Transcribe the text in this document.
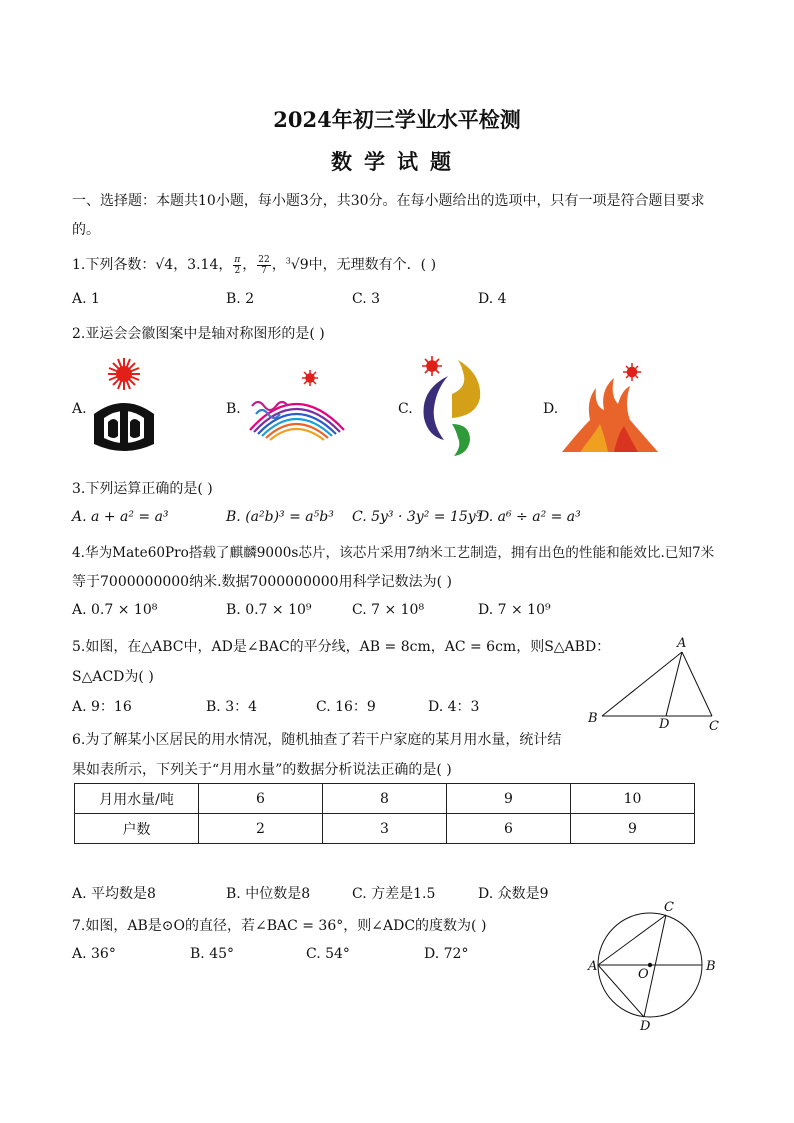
2024年初三学业水平检测
数学试题
一、选择题：本题共10小题，每小题3分，共30分。在每小题给出的选项中，只有一项是符合题目要求
的。
1.下列各数：√4，3.14， $\frac{\pi}{2}$ ， $\frac{22}{7}$ ，$^3$√9中，无理数有个．( )
A. 1	B. 2	C. 3	D. 4
2.亚运会会徽图案中是轴对称图形的是( )
A.	B.	C.	D.
3.下列运算正确的是( )
A. a + a² = a³	B. (a²b)³ = a⁵b³ C. 5y³ · 3y² = 15y⁵
D. a⁶ ÷ a² = a³
4.华为Mate60Pro搭载了麒麟9000s芯片，该芯片采用7纳米工艺制造，拥有出色的性能和能效比.已知7米
等于7000000000纳米.数据7000000000用科学记数法为( )
A. 0.7 × 10⁸	B. 0.7 × 10⁹	C. 7 × 10⁸	D. 7 × 10⁹
5.如图，在△ABC中，AD是∠BAC的平分线，AB = 8cm，AC = 6cm，则S△ABD：
S△ACD为( )
A. 9：16	B. 3：4	C. 16：9	D. 4：3
A
B
C
D
6.为了解某小区居民的用水情况，随机抽查了若干户家庭的某月用水量，统计结
果如表所示，下列关于“月用水量”的数据分析说法正确的是( )
月用水量/吨	6	8	9	10
户数	2	3	6	9
A. 平均数是8	B. 中位数是8	C. 方差是1.5	D. 众数是9
7.如图，AB是⊙O的直径，若∠BAC = 36°，则∠ADC的度数为( )
A. 36°	B. 45°	C. 54°	D. 72°
A	B
C
D
O
